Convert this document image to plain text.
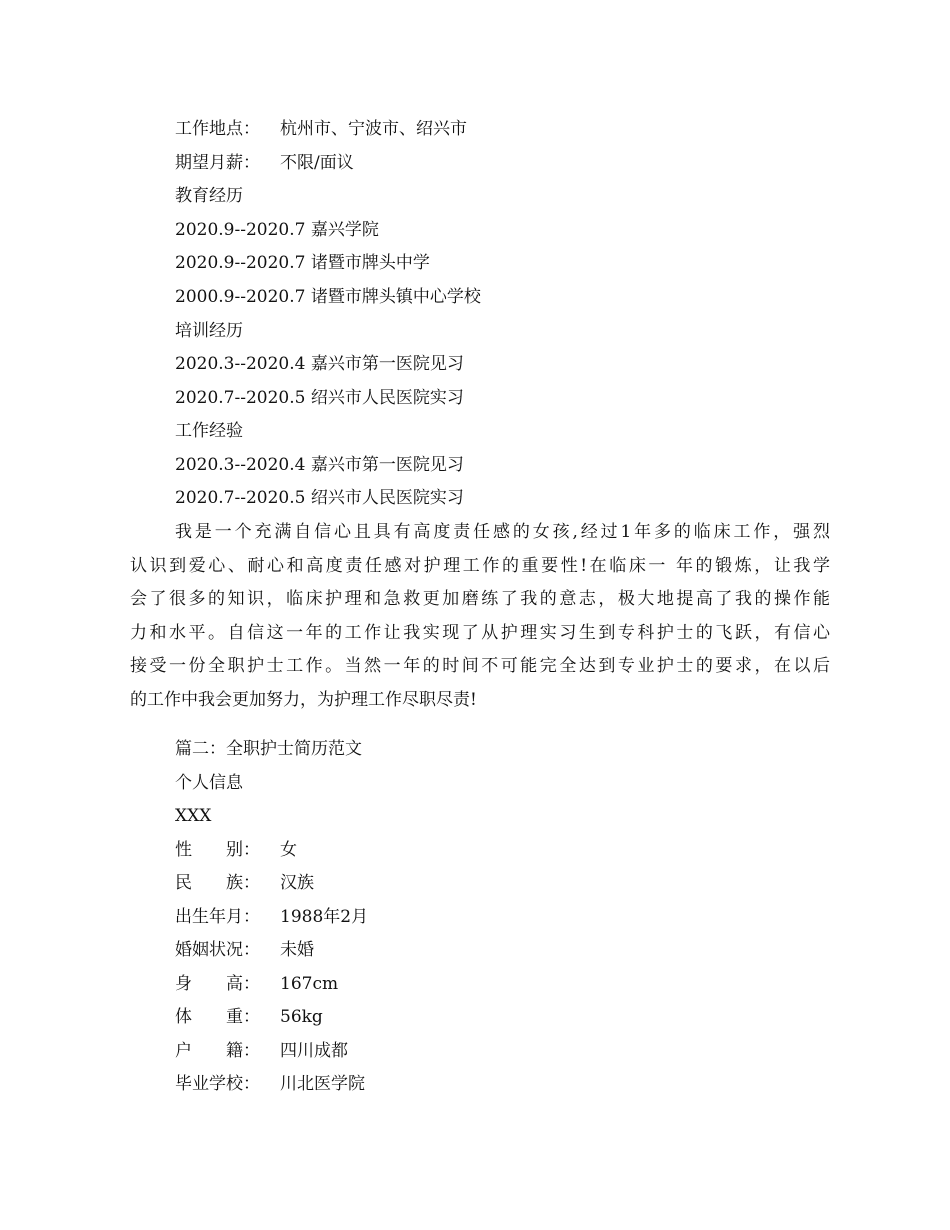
工作地点： 杭州市、宁波市、绍兴市
期望月薪： 不限/面议
教育经历
2020.9--2020.7 嘉兴学院
2020.9--2020.7 诸暨市牌头中学
2000.9--2020.7 诸暨市牌头镇中心学校
培训经历
2020.3--2020.4 嘉兴市第一医院见习
2020.7--2020.5 绍兴市人民医院实习
工作经验
2020.3--2020.4 嘉兴市第一医院见习
2020.7--2020.5 绍兴市人民医院实习
我是一个充满自信心且具有高度责任感的女孩,经过1年多的临床工作，强烈
认识到爱心、耐心和高度责任感对护理工作的重要性!在临床一 年的锻炼，让我学
会了很多的知识，临床护理和急救更加磨练了我的意志，极大地提高了我的操作能
力和水平。自信这一年的工作让我实现了从护理实习生到专科护士的飞跃，有信心
接受一份全职护士工作。当然一年的时间不可能完全达到专业护士的要求，在以后
的工作中我会更加努力，为护理工作尽职尽责!
篇二：全职护士简历范文
个人信息
XXX
性　　别： 女
民　　族： 汉族
出生年月： 1988年2月
婚姻状况： 未婚
身　　高： 167cm
体　　重： 56kg
户　　籍： 四川成都
毕业学校： 川北医学院
